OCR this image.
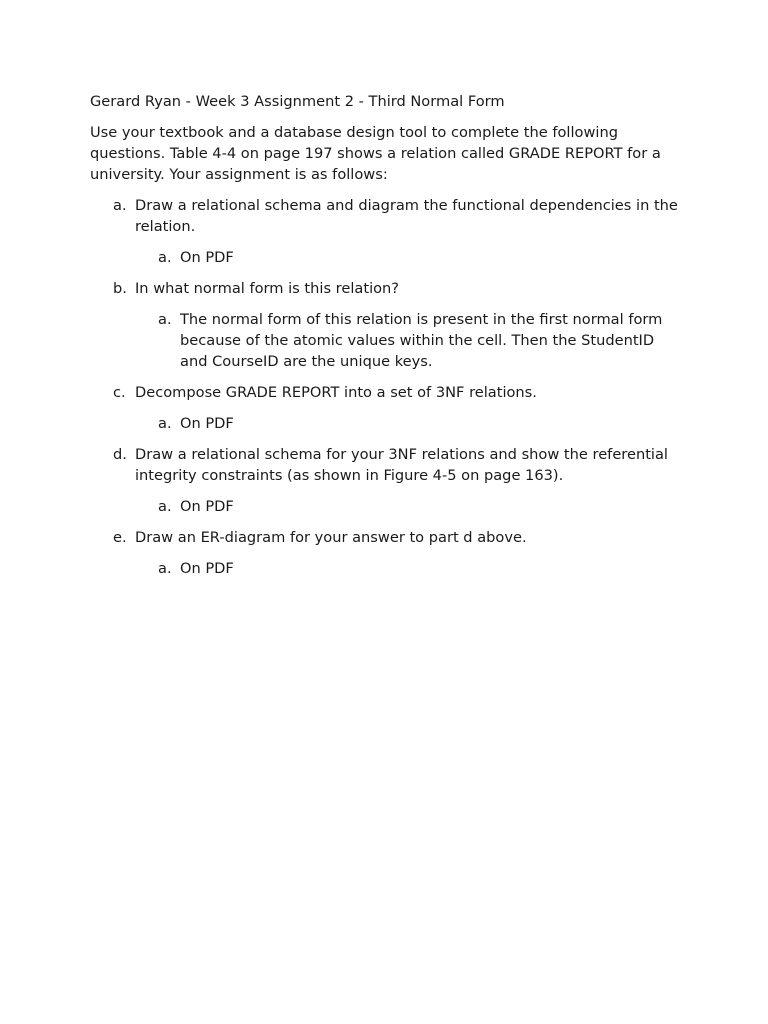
Gerard Ryan - Week 3 Assignment 2 - Third Normal Form
Use your textbook and a database design tool to complete the following questions. Table 4-4 on page 197 shows a relation called GRADE REPORT for a university. Your assignment is as follows:
a. Draw a relational schema and diagram the functional dependencies in the relation.
a. On PDF
b. In what normal form is this relation?
a. The normal form of this relation is present in the first normal form because of the atomic values within the cell. Then the StudentID and CourseID are the unique keys.
c. Decompose GRADE REPORT into a set of 3NF relations.
a. On PDF
d. Draw a relational schema for your 3NF relations and show the referential integrity constraints (as shown in Figure 4-5 on page 163).
a. On PDF
e. Draw an ER-diagram for your answer to part d above.
a. On PDF
